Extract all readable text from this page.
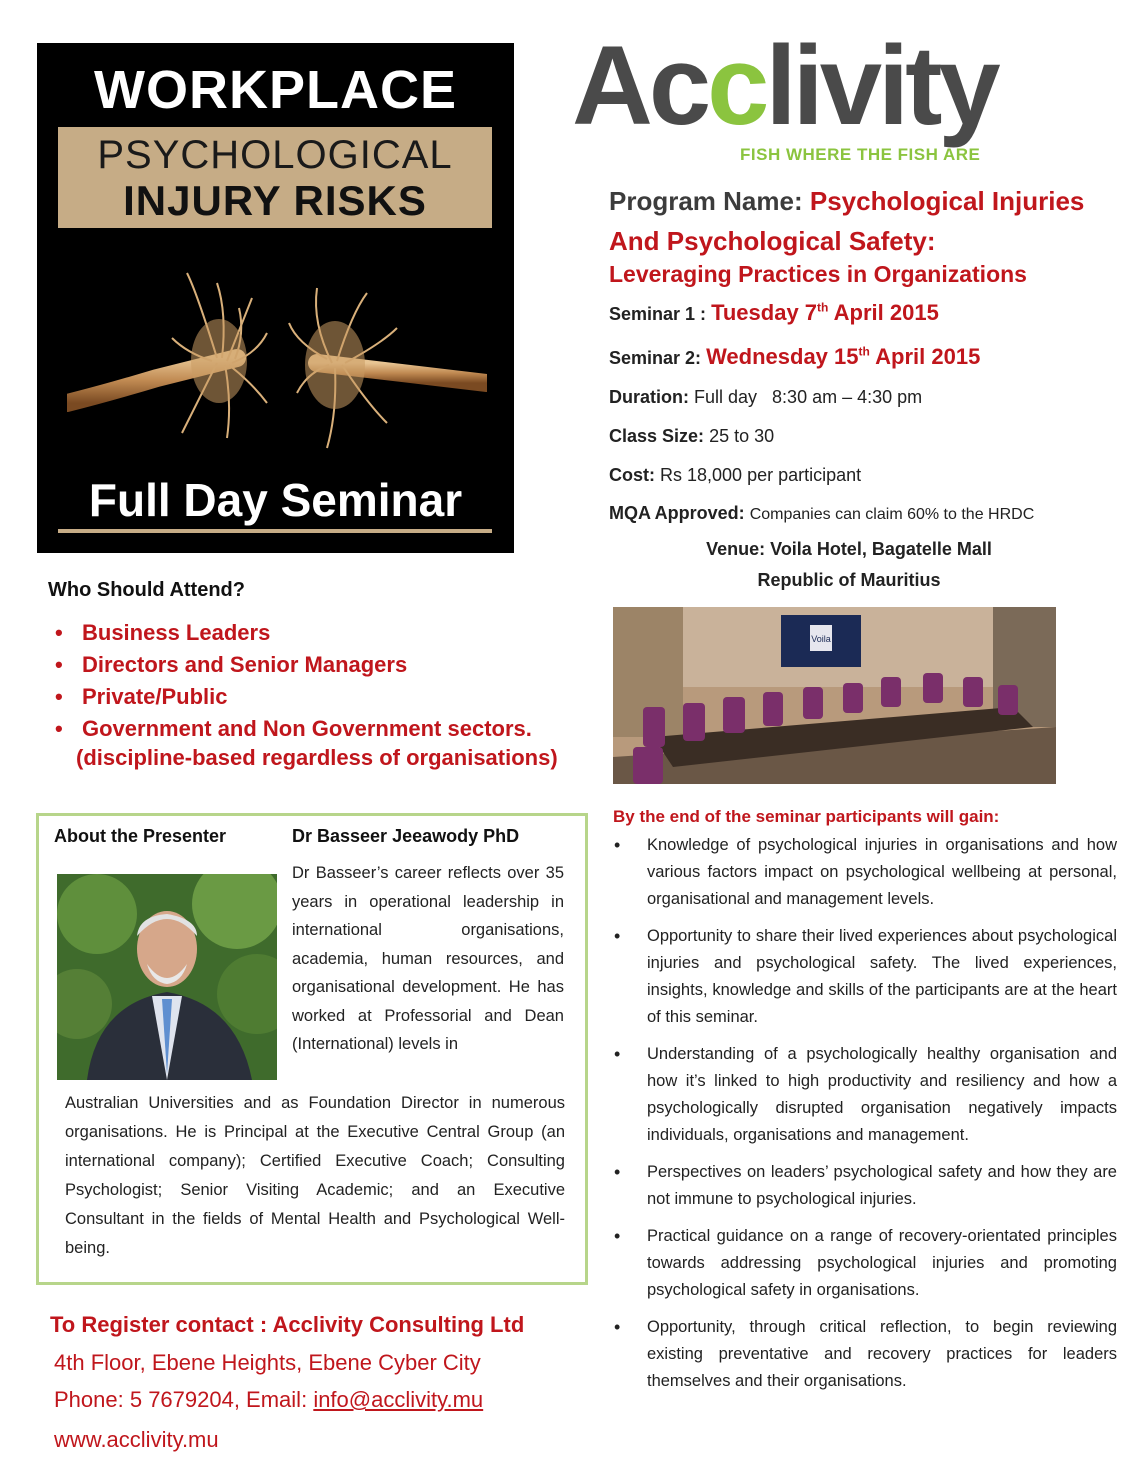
WORKPLACE
PSYCHOLOGICAL
INJURY RISKS
Full Day Seminar
Acclivity
FISH WHERE THE FISH ARE
Program Name: Psychological Injuries
And Psychological Safety:
Leveraging Practices in Organizations
Seminar 1 : Tuesday 7th April 2015
Seminar 2: Wednesday 15th April 2015
Duration: Full day   8:30 am – 4:30 pm
Class Size: 25 to 30
Cost: Rs 18,000 per participant
MQA Approved: Companies can claim 60% to the HRDC
Venue: Voila Hotel, Bagatelle Mall
Republic of Mauritius
Voila
Who Should Attend?
• Business Leaders
• Directors and Senior Managers
• Private/Public
• Government and Non Government sectors.
(discipline-based regardless of organisations)
About the Presenter	Dr Basseer Jeeawody PhD
Dr Basseer’s career reflects over 35 years in operational leadership in international organisations, academia, human resources, and organisational development. He has worked at Professorial and Dean (International) levels in
Australian Universities and as Foundation Director in numerous organisations. He is Principal at the Executive Central Group (an international company); Certified Executive Coach; Consulting Psychologist; Senior Visiting Academic; and an Executive Consultant in the fields of Mental Health and Psychological Well-being.
By the end of the seminar participants will gain:
• Knowledge of psychological injuries in organisations and how various factors impact on psychological wellbeing at personal, organisational and management levels.
• Opportunity to share their lived experiences about psychological injuries and psychological safety. The lived experiences, insights, knowledge and skills of the participants are at the heart of this seminar.
• Understanding of a psychologically healthy organisation and how it’s linked to high productivity and resiliency and how a psychologically disrupted organisation negatively impacts individuals, organisations and management.
• Perspectives on leaders’ psychological safety and how they are not immune to psychological injuries.
• Practical guidance on a range of recovery-orientated principles towards addressing psychological injuries and promoting psychological safety in organisations.
• Opportunity, through critical reflection, to begin reviewing existing preventative and recovery practices for leaders themselves and their organisations.
To Register contact : Acclivity Consulting Ltd
4th Floor, Ebene Heights, Ebene Cyber City
Phone: 5 7679204, Email: info@acclivity.mu
www.acclivity.mu
